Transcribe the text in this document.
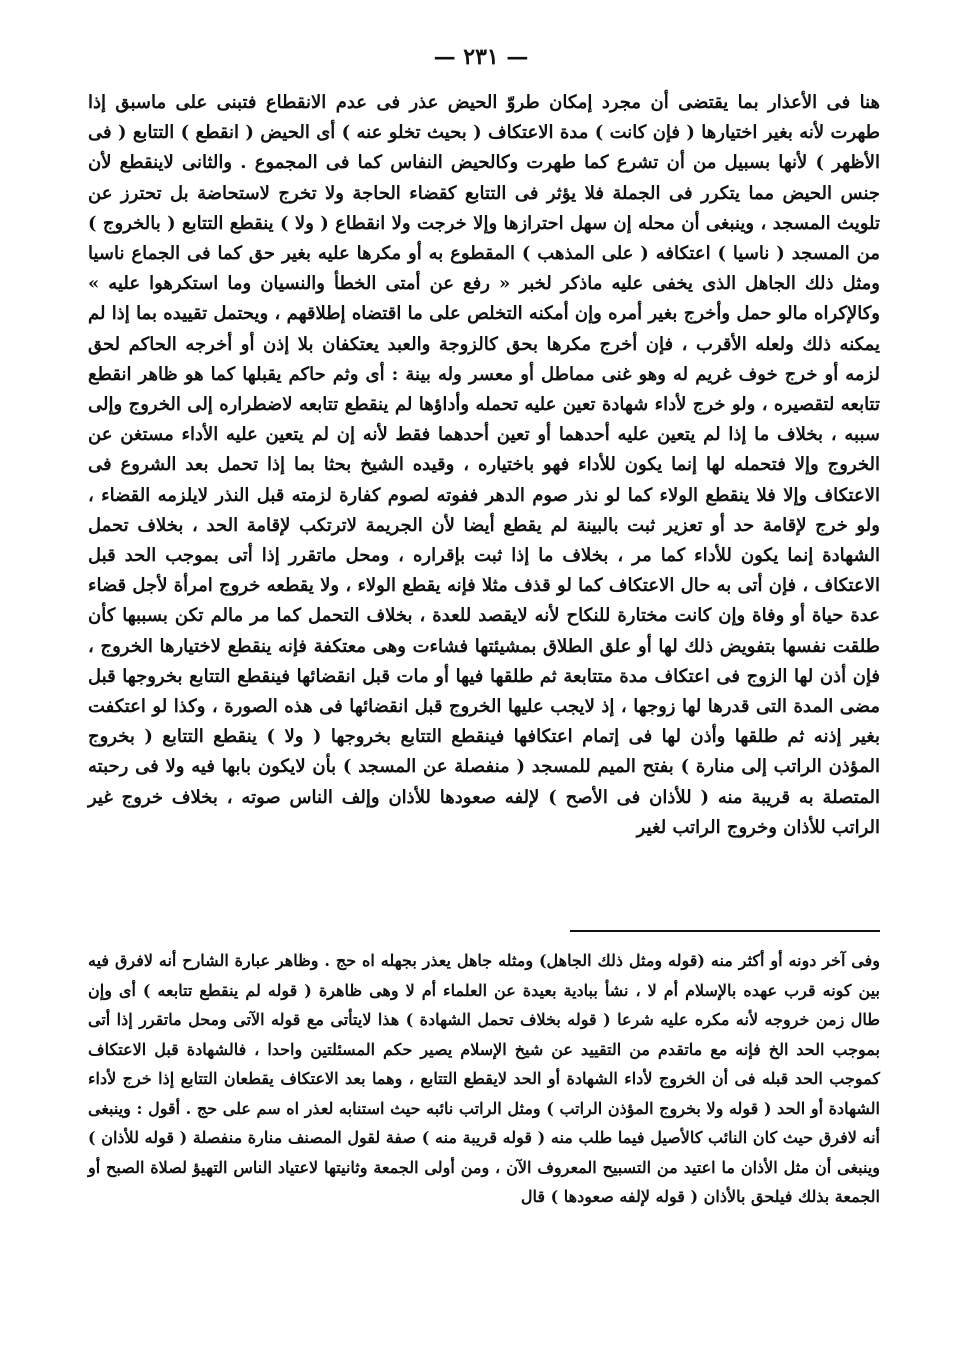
— ٢٣١ —

هنا فى الأعذار بما يقتضى أن مجرد إمكان طروّ الحيض عذر فى عدم الانقطاع فتبنى على ماسبق إذا طهرت لأنه بغير اختيارها ( فإن كانت ) مدة الاعتكاف ( بحيث تخلو عنه ) أى الحيض ( انقطع ) التتابع ( فى الأظهر ) لأنها بسبيل من أن تشرع كما طهرت وكالحيض النفاس كما فى المجموع . والثانى لاينقطع لأن جنس الحيض مما يتكرر فى الجملة فلا يؤثر فى التتابع كقضاء الحاجة ولا تخرج لاستحاضة بل تحترز عن تلويث المسجد ، وينبغى أن محله إن سهل احترازها وإلا خرجت ولا انقطاع ( ولا ) ينقطع التتابع ( بالخروج ) من المسجد ( ناسيا ) اعتكافه ( على المذهب ) المقطوع به أو مكرها عليه بغير حق كما فى الجماع ناسيا ومثل ذلك الجاهل الذى يخفى عليه ماذكر لخبر « رفع عن أمتى الخطأ والنسيان وما استكرهوا عليه » وكالإكراه مالو حمل وأخرج بغير أمره وإن أمكنه التخلص على ما اقتضاه إطلاقهم ، ويحتمل تقييده بما إذا لم يمكنه ذلك ولعله الأقرب ، فإن أخرج مكرها بحق كالزوجة والعبد يعتكفان بلا إذن أو أخرجه الحاكم لحق لزمه أو خرج خوف غريم له وهو غنى مماطل أو معسر وله بينة : أى وثم حاكم يقبلها كما هو ظاهر انقطع تتابعه لتقصيره ، ولو خرج لأداء شهادة تعين عليه تحمله وأداؤها لم ينقطع تتابعه لاضطراره إلى الخروج وإلى سببه ، بخلاف ما إذا لم يتعين عليه أحدهما أو تعين أحدهما فقط لأنه إن لم يتعين عليه الأداء مستغن عن الخروج وإلا فتحمله لها إنما يكون للأداء فهو باختياره ، وقيده الشيخ بحثا بما إذا تحمل بعد الشروع فى الاعتكاف وإلا فلا ينقطع الولاء كما لو نذر صوم الدهر ففوته لصوم كفارة لزمته قبل النذر لايلزمه القضاء ، ولو خرج لإقامة حد أو تعزير ثبت بالبينة لم يقطع أيضا لأن الجريمة لاترتكب لإقامة الحد ، بخلاف تحمل الشهادة إنما يكون للأداء كما مر ، بخلاف ما إذا ثبت بإقراره ، ومحل ماتقرر إذا أتى بموجب الحد قبل الاعتكاف ، فإن أتى به حال الاعتكاف كما لو قذف مثلا فإنه يقطع الولاء ، ولا يقطعه خروج امرأة لأجل قضاء عدة حياة أو وفاة وإن كانت مختارة للنكاح لأنه لايقصد للعدة ، بخلاف التحمل كما مر مالم تكن بسببها كأن طلقت نفسها بتفويض ذلك لها أو علق الطلاق بمشيئتها فشاءت وهى معتكفة فإنه ينقطع لاختيارها الخروج ، فإن أذن لها الزوج فى اعتكاف مدة متتابعة ثم طلقها فيها أو مات قبل انقضائها فينقطع التتابع بخروجها قبل مضى المدة التى قدرها لها زوجها ، إذ لايجب عليها الخروج قبل انقضائها فى هذه الصورة ، وكذا لو اعتكفت بغير إذنه ثم طلقها وأذن لها فى إتمام اعتكافها فينقطع التتابع بخروجها ( ولا ) ينقطع التتابع ( بخروج المؤذن الراتب إلى منارة ) بفتح الميم للمسجد ( منفصلة عن المسجد ) بأن لايكون بابها فيه ولا فى رحبته المتصلة به قريبة منه ( للأذان فى الأصح ) لإلفه صعودها للأذان وإلف الناس صوته ، بخلاف خروج غير الراتب للأذان وخروج الراتب لغير

وفى آخر دونه أو أكثر منه (قوله ومثل ذلك الجاهل) ومثله جاهل يعذر بجهله اه حج . وظاهر عبارة الشارح أنه لافرق فيه بين كونه قرب عهده بالإسلام أم لا ، نشأ ببادية بعيدة عن العلماء أم لا وهى ظاهرة ( قوله لم ينقطع تتابعه ) أى وإن طال زمن خروجه لأنه مكره عليه شرعا ( قوله بخلاف تحمل الشهادة ) هذا لايتأتى مع قوله الآتى ومحل ماتقرر إذا أتى بموجب الحد الخ فإنه مع ماتقدم من التقييد عن شيخ الإسلام يصير حكم المسئلتين واحدا ، فالشهادة قبل الاعتكاف كموجب الحد قبله فى أن الخروج لأداء الشهادة أو الحد لايقطع التتابع ، وهما بعد الاعتكاف يقطعان التتابع إذا خرج لأداء الشهادة أو الحد ( قوله ولا بخروج المؤذن الراتب ) ومثل الراتب نائبه حيث استنابه لعذر اه سم على حج . أقول : وينبغى أنه لافرق حيث كان النائب كالأصيل فيما طلب منه ( قوله قريبة منه ) صفة لقول المصنف منارة منفصلة ( قوله للأذان ) وينبغى أن مثل الأذان ما اعتيد من التسبيح المعروف الآن ، ومن أولى الجمعة وثانيتها لاعتياد الناس التهيؤ لصلاة الصبح أو الجمعة بذلك فيلحق بالأذان ( قوله لإلفه صعودها ) قال
